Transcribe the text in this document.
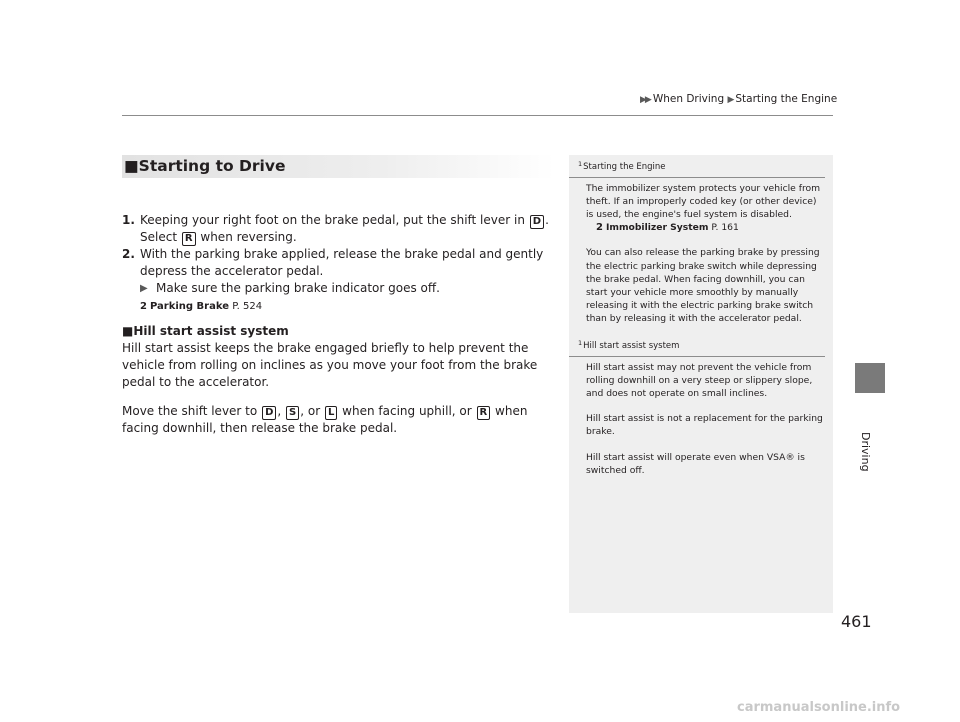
▶▶ When Driving ▶ Starting the Engine
Driving
■Starting to Drive
1. Keeping your right foot on the brake pedal, put the shift lever in D . Select R when reversing.
2. With the parking brake applied, release the brake pedal and gently depress the accelerator pedal.
▶ Make sure the parking brake indicator goes off.
2 Parking Brake P. 524
■Hill start assist system

Hill start assist keeps the brake engaged briefly to help prevent the vehicle from rolling on inclines as you move your foot from the brake pedal to the accelerator.

Move the shift lever to D , S , or L when facing uphill, or R when facing downhill, then release the brake pedal.

$^1$Starting the Engine

The immobilizer system protects your vehicle from theft. If an improperly coded key (or other device) is used, the engine's fuel system is disabled.

2 Immobilizer System P. 161

You can also release the parking brake by pressing the electric parking brake switch while depressing the brake pedal. When facing downhill, you can start your vehicle more smoothly by manually releasing it with the electric parking brake switch than by releasing it with the accelerator pedal.

$^1$Hill start assist system

Hill start assist may not prevent the vehicle from rolling downhill on a very steep or slippery slope, and does not operate on small inclines.

Hill start assist is not a replacement for the parking brake.

Hill start assist will operate even when VSA® is switched off.

461
carmanualsonline.info
